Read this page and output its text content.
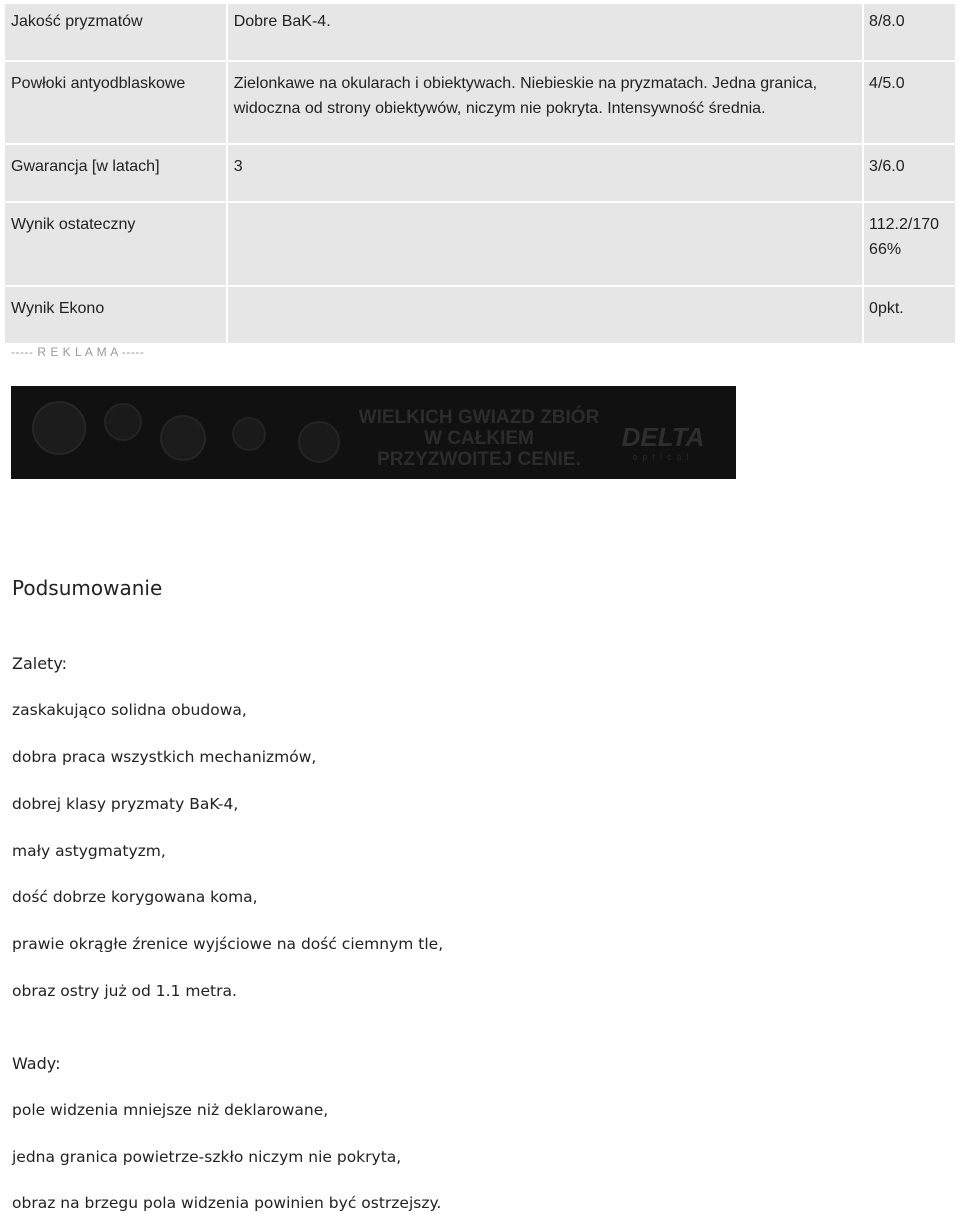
Jakość pryzmatów	Dobre BaK-4.	8/8.0

Powłoki antyodblaskowe	Zielonkawe na okularach i obiektywach. Niebieskie na pryzmatach. Jedna granica,
widoczna od strony obiektywów, niczym nie pokryta. Intensywność średnia.	4/5.0

Gwarancja [w latach]	3	3/6.0

Wynik ostateczny		112.2/170
66%

Wynik Ekono		0pkt.
----- R E K L A M A -----
WIELKICH GWIAZD ZBIÓR
W CAŁKIEM
PRZYZWOITEJ CENIE.
DELTA
optical
Podsumowanie
Zalety:
zaskakująco solidna obudowa,
dobra praca wszystkich mechanizmów,
dobrej klasy pryzmaty BaK-4,
mały astygmatyzm,
dość dobrze korygowana koma,
prawie okrągłe źrenice wyjściowe na dość ciemnym tle,
obraz ostry już od 1.1 metra.
Wady:
pole widzenia mniejsze niż deklarowane,
jedna granica powietrze-szkło niczym nie pokryta,
obraz na brzegu pola widzenia powinien być ostrzejszy.
